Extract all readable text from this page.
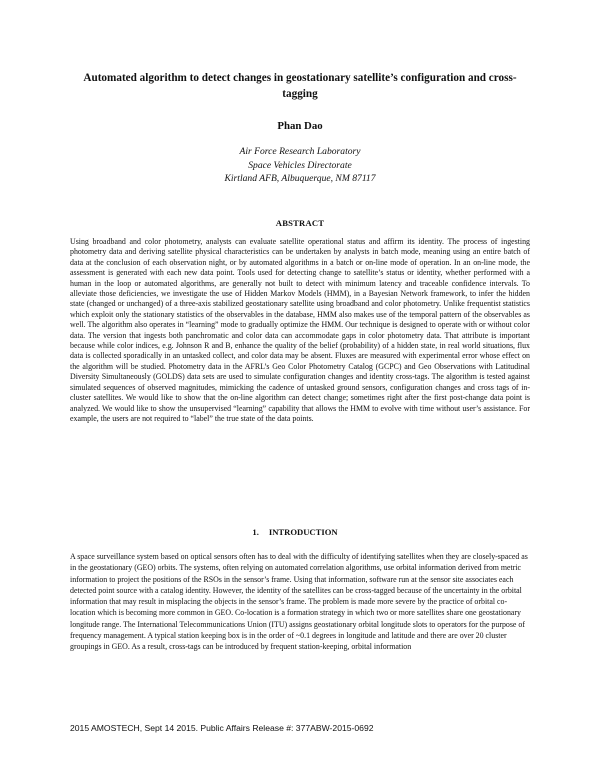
Automated algorithm to detect changes in geostationary satellite’s configuration and cross-tagging
Phan Dao
Air Force Research Laboratory
Space Vehicles Directorate
Kirtland AFB, Albuquerque, NM 87117
ABSTRACT

Using broadband and color photometry, analysts can evaluate satellite operational status and affirm its identity. The process of ingesting photometry data and deriving satellite physical characteristics can be undertaken by analysts in batch mode, meaning using an entire batch of data at the conclusion of each observation night, or by automated algorithms in a batch or on-line mode of operation. In an on-line mode, the assessment is generated with each new data point. Tools used for detecting change to satellite’s status or identity, whether performed with a human in the loop or automated algorithms, are generally not built to detect with minimum latency and traceable confidence intervals. To alleviate those deficiencies, we investigate the use of Hidden Markov Models (HMM), in a Bayesian Network framework, to infer the hidden state (changed or unchanged) of a three-axis stabilized geostationary satellite using broadband and color photometry. Unlike frequentist statistics which exploit only the stationary statistics of the observables in the database, HMM also makes use of the temporal pattern of the observables as well. The algorithm also operates in “learning” mode to gradually optimize the HMM. Our technique is designed to operate with or without color data. The version that ingests both panchromatic and color data can accommodate gaps in color photometry data. That attribute is important because while color indices, e.g. Johnson R and B, enhance the quality of the belief (probability) of a hidden state, in real world situations, flux data is collected sporadically in an untasked collect, and color data may be absent. Fluxes are measured with experimental error whose effect on the algorithm will be studied. Photometry data in the AFRL’s Geo Color Photometry Catalog (GCPC) and Geo Observations with Latitudinal Diversity Simultaneously (GOLDS) data sets are used to simulate configuration changes and identity cross-tags. The algorithm is tested against simulated sequences of observed magnitudes, mimicking the cadence of untasked ground sensors, configuration changes and cross tags of in-cluster satellites. We would like to show that the on-line algorithm can detect change; sometimes right after the first post-change data point is analyzed. We would like to show the unsupervised “learning” capability that allows the HMM to evolve with time without user’s assistance. For example, the users are not required to “label” the true state of the data points.

1. INTRODUCTION

A space surveillance system based on optical sensors often has to deal with the difficulty of identifying satellites when they are closely-spaced as in the geostationary (GEO) orbits. The systems, often relying on automated correlation algorithms, use orbital information derived from metric information to project the positions of the RSOs in the sensor’s frame. Using that information, software run at the sensor site associates each detected point source with a catalog identity. However, the identity of the satellites can be cross-tagged because of the uncertainty in the orbital information that may result in misplacing the objects in the sensor’s frame. The problem is made more severe by the practice of orbital co-location which is becoming more common in GEO. Co-location is a formation strategy in which two or more satellites share one geostationary longitude range. The International Telecommunications Union (ITU) assigns geostationary orbital longitude slots to operators for the purpose of frequency management. A typical station keeping box is in the order of ~0.1 degrees in longitude and latitude and there are over 20 cluster groupings in GEO. As a result, cross-tags can be introduced by frequent station-keeping, orbital information

2015 AMOSTECH, Sept 14 2015. Public Affairs Release #: 377ABW-2015-0692
